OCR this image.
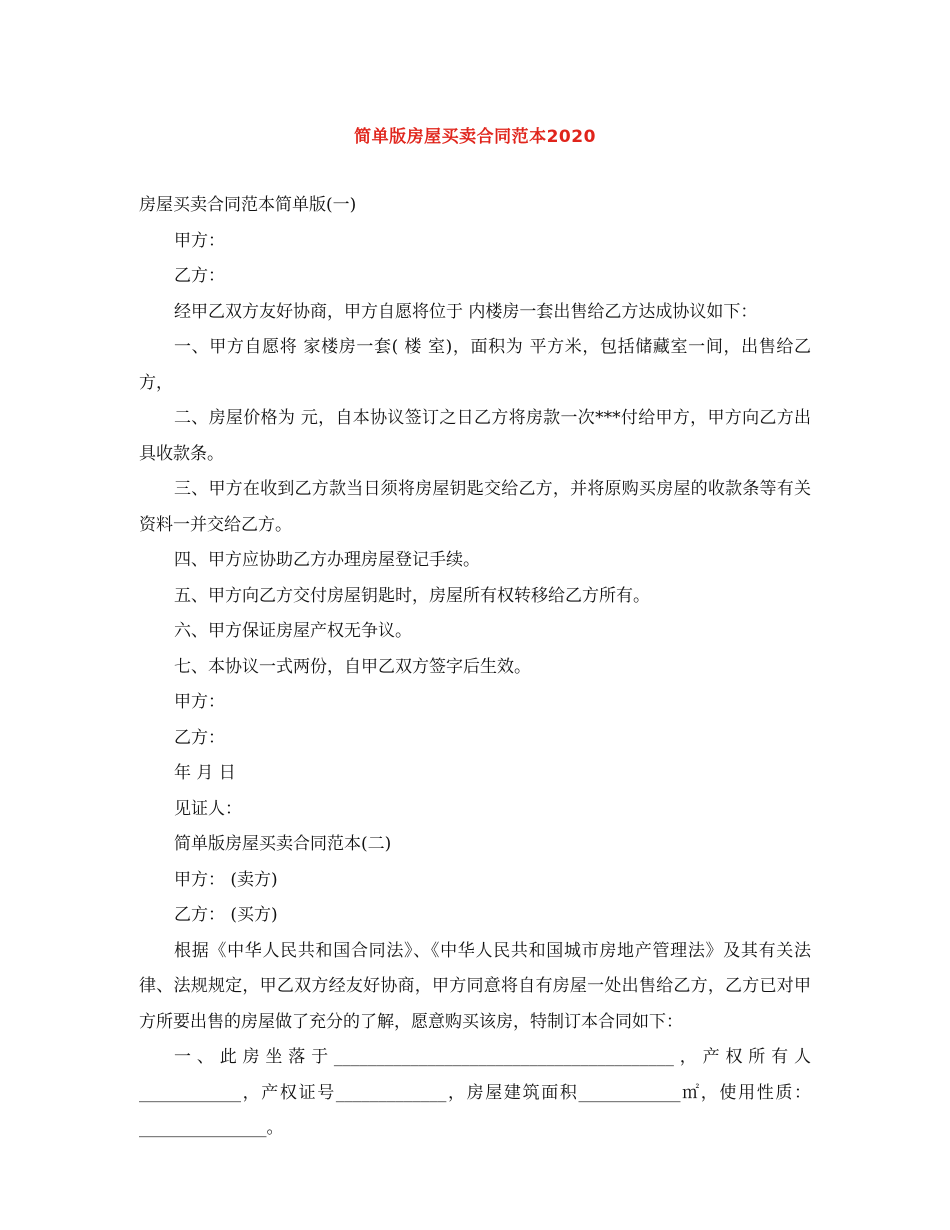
简单版房屋买卖合同范本2020

房屋买卖合同范本简单版(一)

甲方：

乙方：

经甲乙双方友好协商，甲方自愿将位于 内楼房一套出售给乙方达成协议如下：

一、甲方自愿将 家楼房一套( 楼 室)，面积为 平方米，包括储藏室一间，出售给乙方，

二、房屋价格为 元，自本协议签订之日乙方将房款一次***付给甲方，甲方向乙方出具收款条。

三、甲方在收到乙方款当日须将房屋钥匙交给乙方，并将原购买房屋的收款条等有关资料一并交给乙方。

四、甲方应协助乙方办理房屋登记手续。

五、甲方向乙方交付房屋钥匙时，房屋所有权转移给乙方所有。

六、甲方保证房屋产权无争议。

七、本协议一式两份，自甲乙双方签字后生效。

甲方：

乙方：

年 月 日

见证人：

简单版房屋买卖合同范本(二)

甲方： (卖方)

乙方： (买方)

根据《中华人民共和国合同法》、《中华人民共和国城市房地产管理法》及其有关法律、法规规定，甲乙双方经友好协商，甲方同意将自有房屋一处出售给乙方，乙方已对甲方所要出售的房屋做了充分的了解，愿意购买该房，特制订本合同如下：

一、此房坐落于________________________________________，产权所有人____________，产权证号_____________，房屋建筑面积____________㎡，使用性质：_______________。
